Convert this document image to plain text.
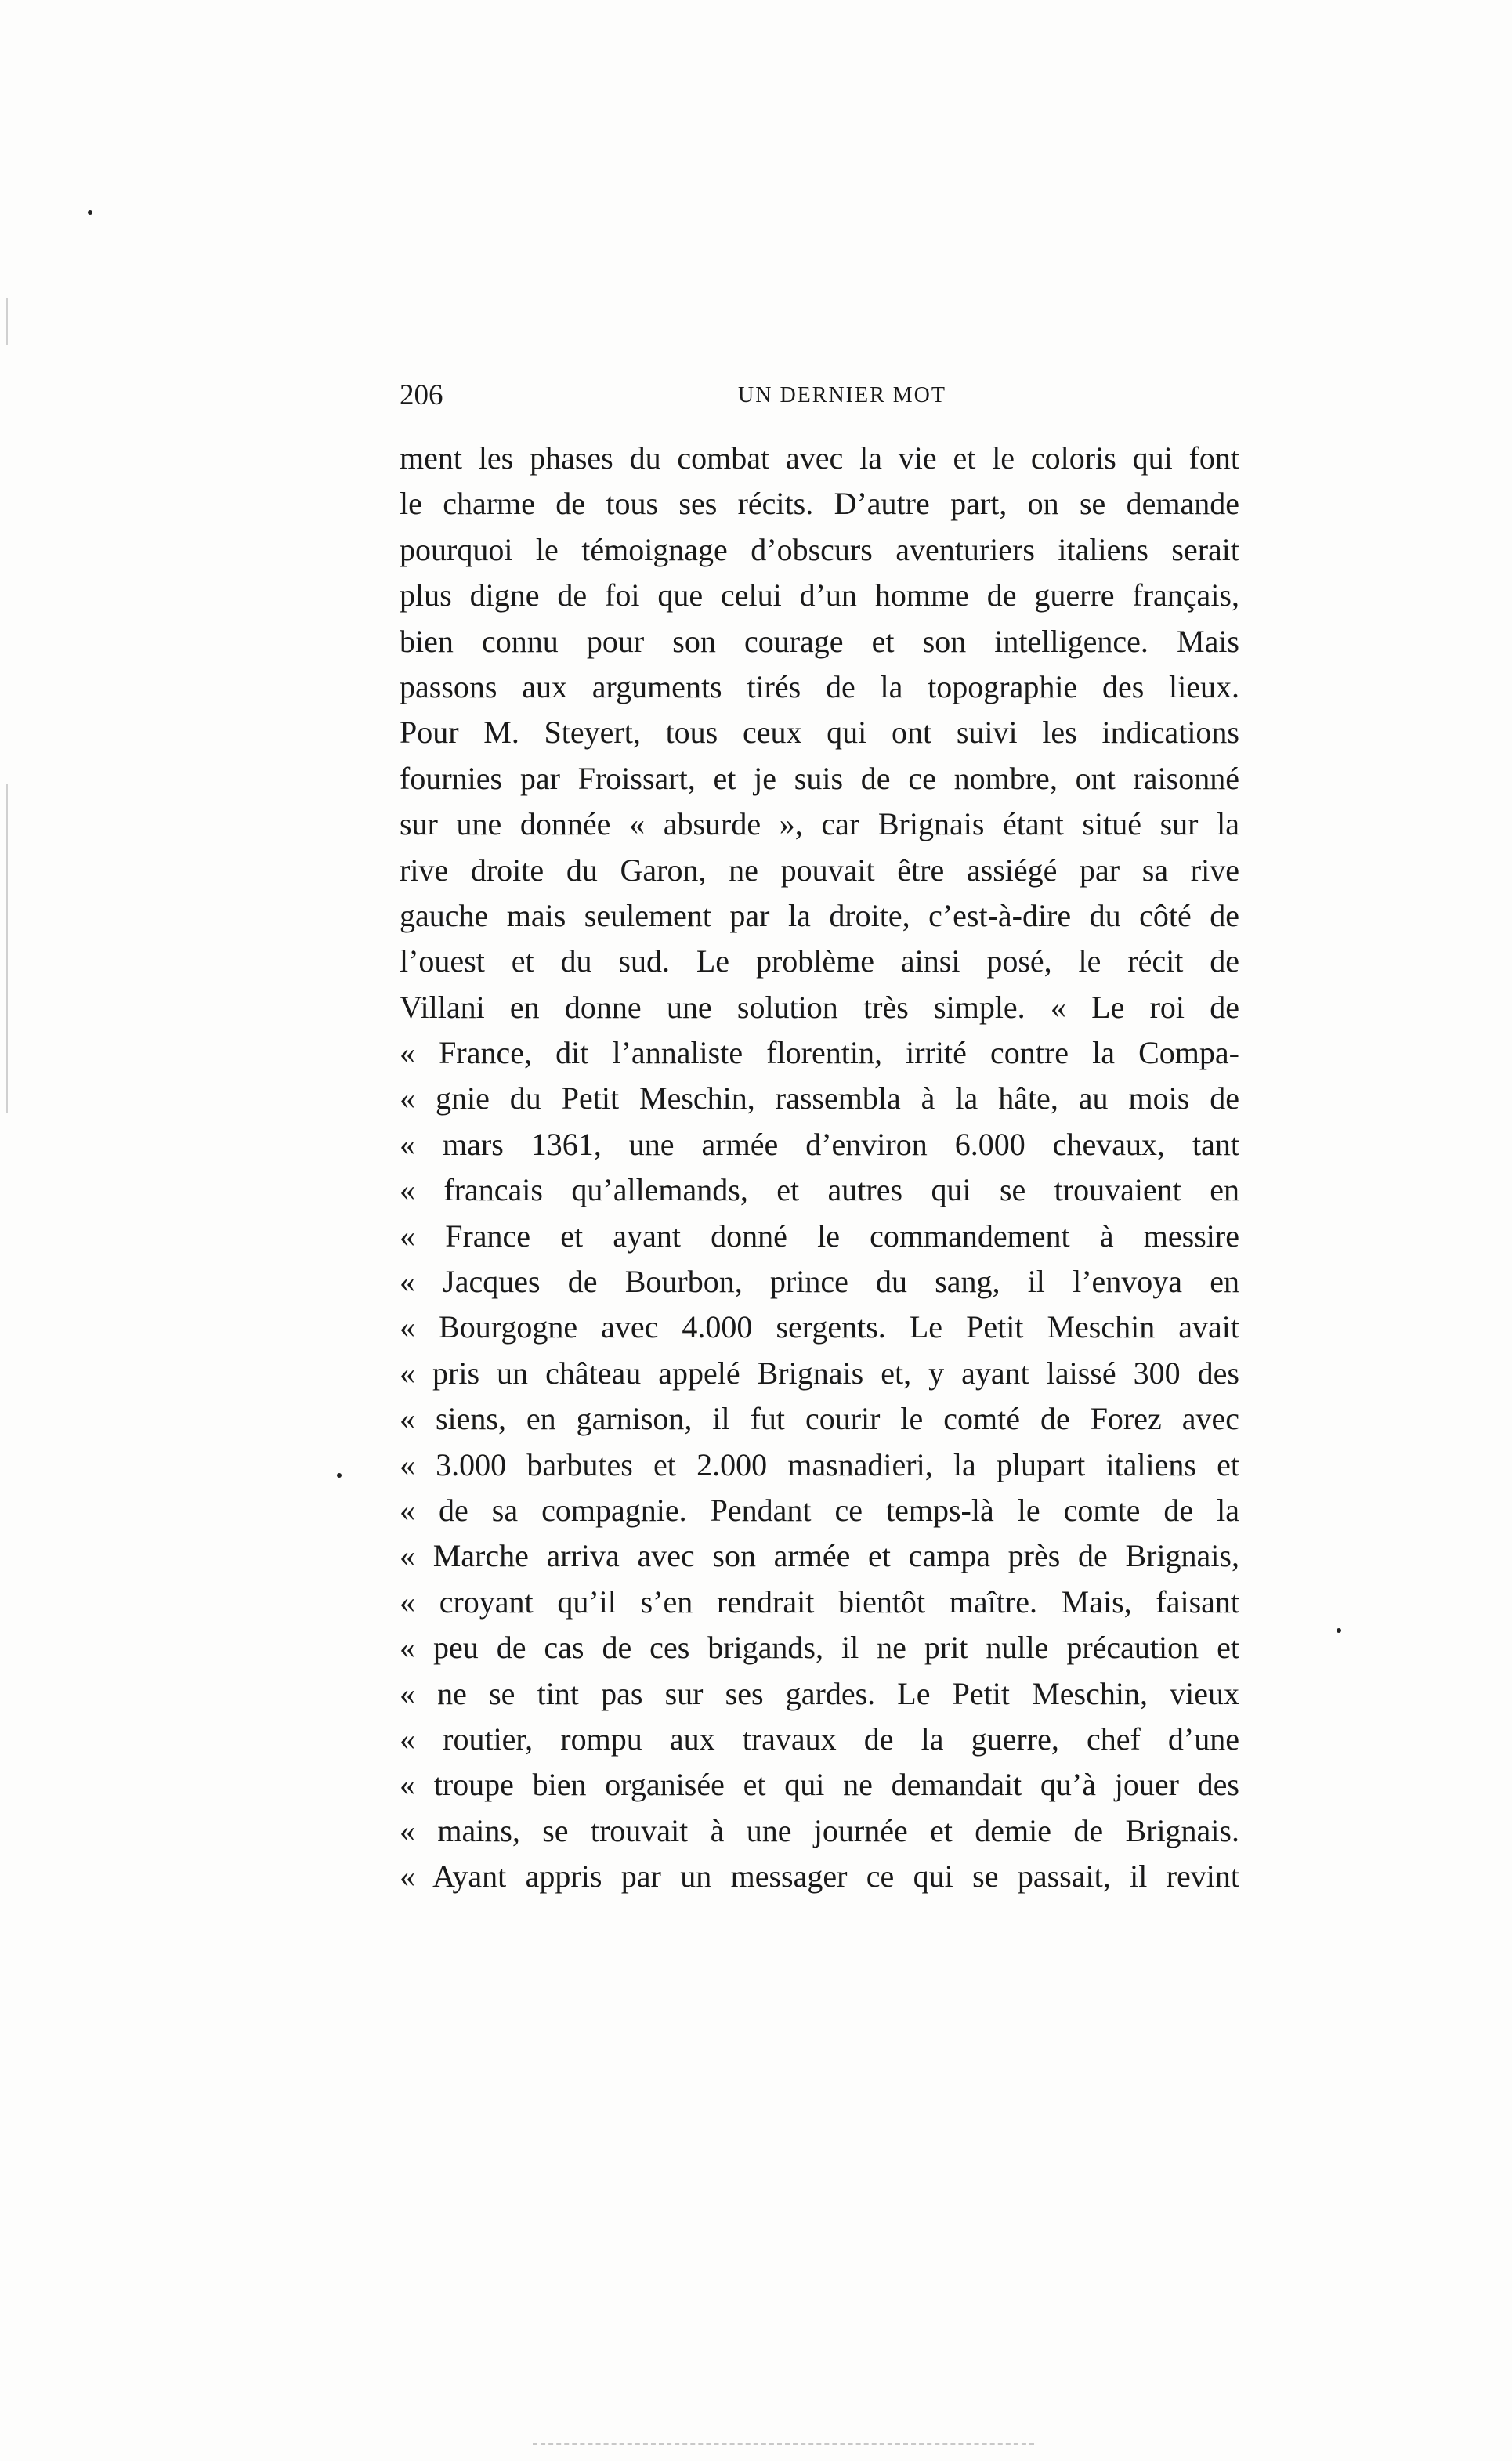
206	UN DERNIER MOT
ment les phases du combat avec la vie et le coloris qui font
le charme de tous ses récits. D’autre part, on se demande
pourquoi le témoignage d’obscurs aventuriers italiens serait
plus digne de foi que celui d’un homme de guerre français,
bien connu pour son courage et son intelligence. Mais
passons aux arguments tirés de la topographie des lieux.
Pour M. Steyert, tous ceux qui ont suivi les indications
fournies par Froissart, et je suis de ce nombre, ont raisonné
sur une donnée « absurde », car Brignais étant situé sur la
rive droite du Garon, ne pouvait être assiégé par sa rive
gauche mais seulement par la droite, c’est-à-dire du côté de
l’ouest et du sud. Le problème ainsi posé, le récit de
Villani en donne une solution très simple. « Le roi de
« France, dit l’annaliste florentin, irrité contre la Compa-
« gnie du Petit Meschin, rassembla à la hâte, au mois de
« mars 1361, une armée d’environ 6.000 chevaux, tant
« francais qu’allemands, et autres qui se trouvaient en
« France et ayant donné le commandement à messire
« Jacques de Bourbon, prince du sang, il l’envoya en
« Bourgogne avec 4.000 sergents. Le Petit Meschin avait
« pris un château appelé Brignais et, y ayant laissé 300 des
« siens, en garnison, il fut courir le comté de Forez avec
« 3.000 barbutes et 2.000 masnadieri, la plupart italiens et
« de sa compagnie. Pendant ce temps-là le comte de la
« Marche arriva avec son armée et campa près de Brignais,
« croyant qu’il s’en rendrait bientôt maître. Mais, faisant
« peu de cas de ces brigands, il ne prit nulle précaution et
« ne se tint pas sur ses gardes. Le Petit Meschin, vieux
« routier, rompu aux travaux de la guerre, chef d’une
« troupe bien organisée et qui ne demandait qu’à jouer des
« mains, se trouvait à une journée et demie de Brignais.
« Ayant appris par un messager ce qui se passait, il revint
